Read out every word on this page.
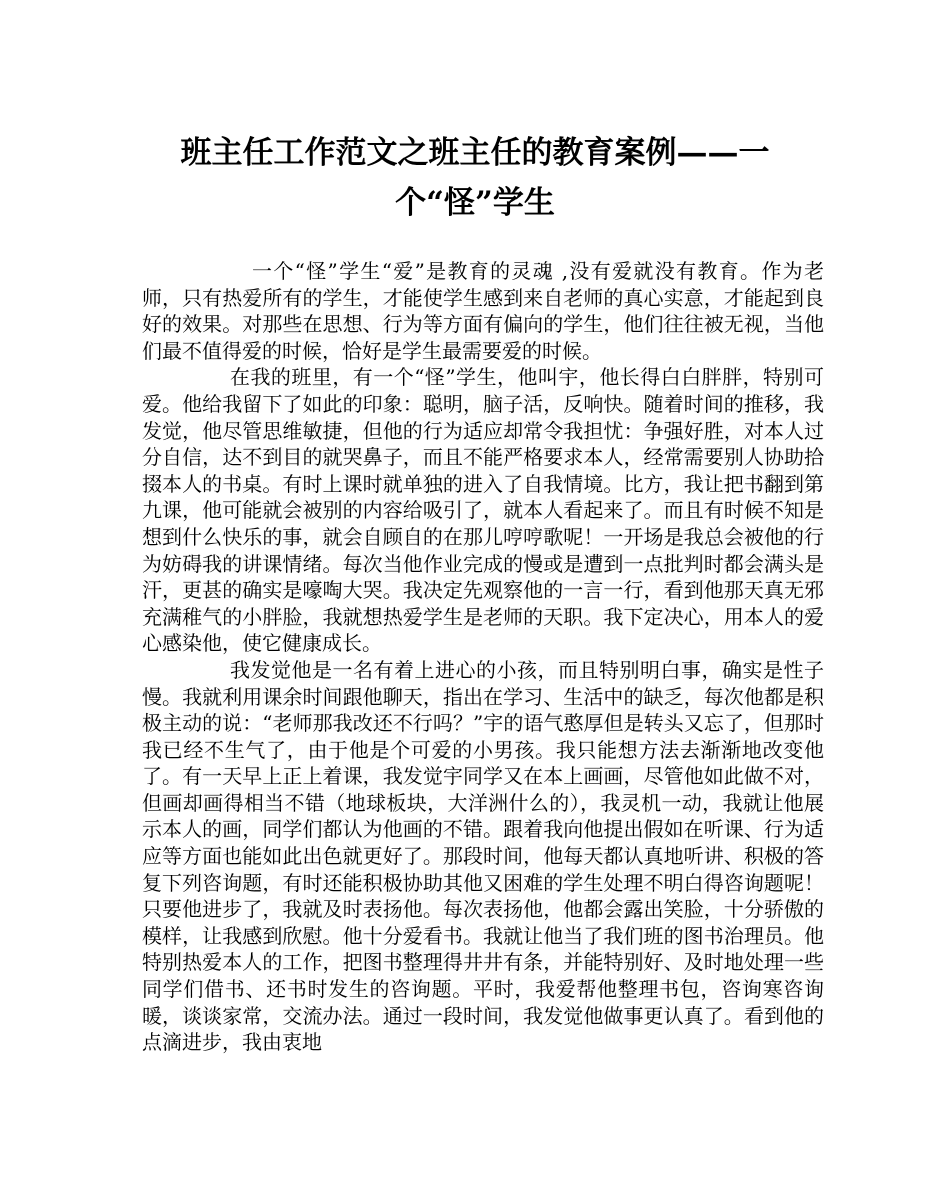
班主任工作范文之班主任的教育案例——一个“怪”学生

一个“怪”学生“爱”是教育的灵魂 ,没有爱就没有教育。作为老师，只有热爱所有的学生，才能使学生感到来自老师的真心实意，才能起到良好的效果。对那些在思想、行为等方面有偏向的学生，他们往往被无视，当他们最不值得爱的时候，恰好是学生最需要爱的时候。

在我的班里，有一个“怪”学生，他叫宇，他长得白白胖胖，特别可爱。他给我留下了如此的印象：聪明，脑子活，反响快。随着时间的推移，我发觉，他尽管思维敏捷，但他的行为适应却常令我担忧：争强好胜，对本人过分自信，达不到目的就哭鼻子，而且不能严格要求本人，经常需要别人协助拾掇本人的书桌。有时上课时就单独的进入了自我情境。比方，我让把书翻到第九课，他可能就会被别的内容给吸引了，就本人看起来了。而且有时候不知是想到什么快乐的事，就会自顾自的在那儿哼哼歌呢！一开场是我总会被他的行为妨碍我的讲课情绪。每次当他作业完成的慢或是遭到一点批判时都会满头是汗，更甚的确实是嚎啕大哭。我决定先观察他的一言一行，看到他那天真无邪充满稚气的小胖脸，我就想热爱学生是老师的天职。我下定决心，用本人的爱心感染他，使它健康成长。

我发觉他是一名有着上进心的小孩，而且特别明白事，确实是性子慢。我就利用课余时间跟他聊天，指出在学习、生活中的缺乏，每次他都是积极主动的说：“老师那我改还不行吗？”宇的语气憨厚但是转头又忘了，但那时我已经不生气了，由于他是个可爱的小男孩。我只能想方法去渐渐地改变他了。有一天早上正上着课，我发觉宇同学又在本上画画，尽管他如此做不对，但画却画得相当不错（地球板块，大洋洲什么的），我灵机一动，我就让他展示本人的画，同学们都认为他画的不错。跟着我向他提出假如在听课、行为适应等方面也能如此出色就更好了。那段时间，他每天都认真地听讲、积极的答复下列咨询题，有时还能积极协助其他又困难的学生处理不明白得咨询题呢！只要他进步了，我就及时表扬他。每次表扬他，他都会露出笑脸，十分骄傲的模样，让我感到欣慰。他十分爱看书。我就让他当了我们班的图书治理员。他特别热爱本人的工作，把图书整理得井井有条，并能特别好、及时地处理一些同学们借书、还书时发生的咨询题。平时，我爱帮他整理书包，咨询寒咨询暖，谈谈家常，交流办法。通过一段时间，我发觉他做事更认真了。看到他的点滴进步，我由衷地
